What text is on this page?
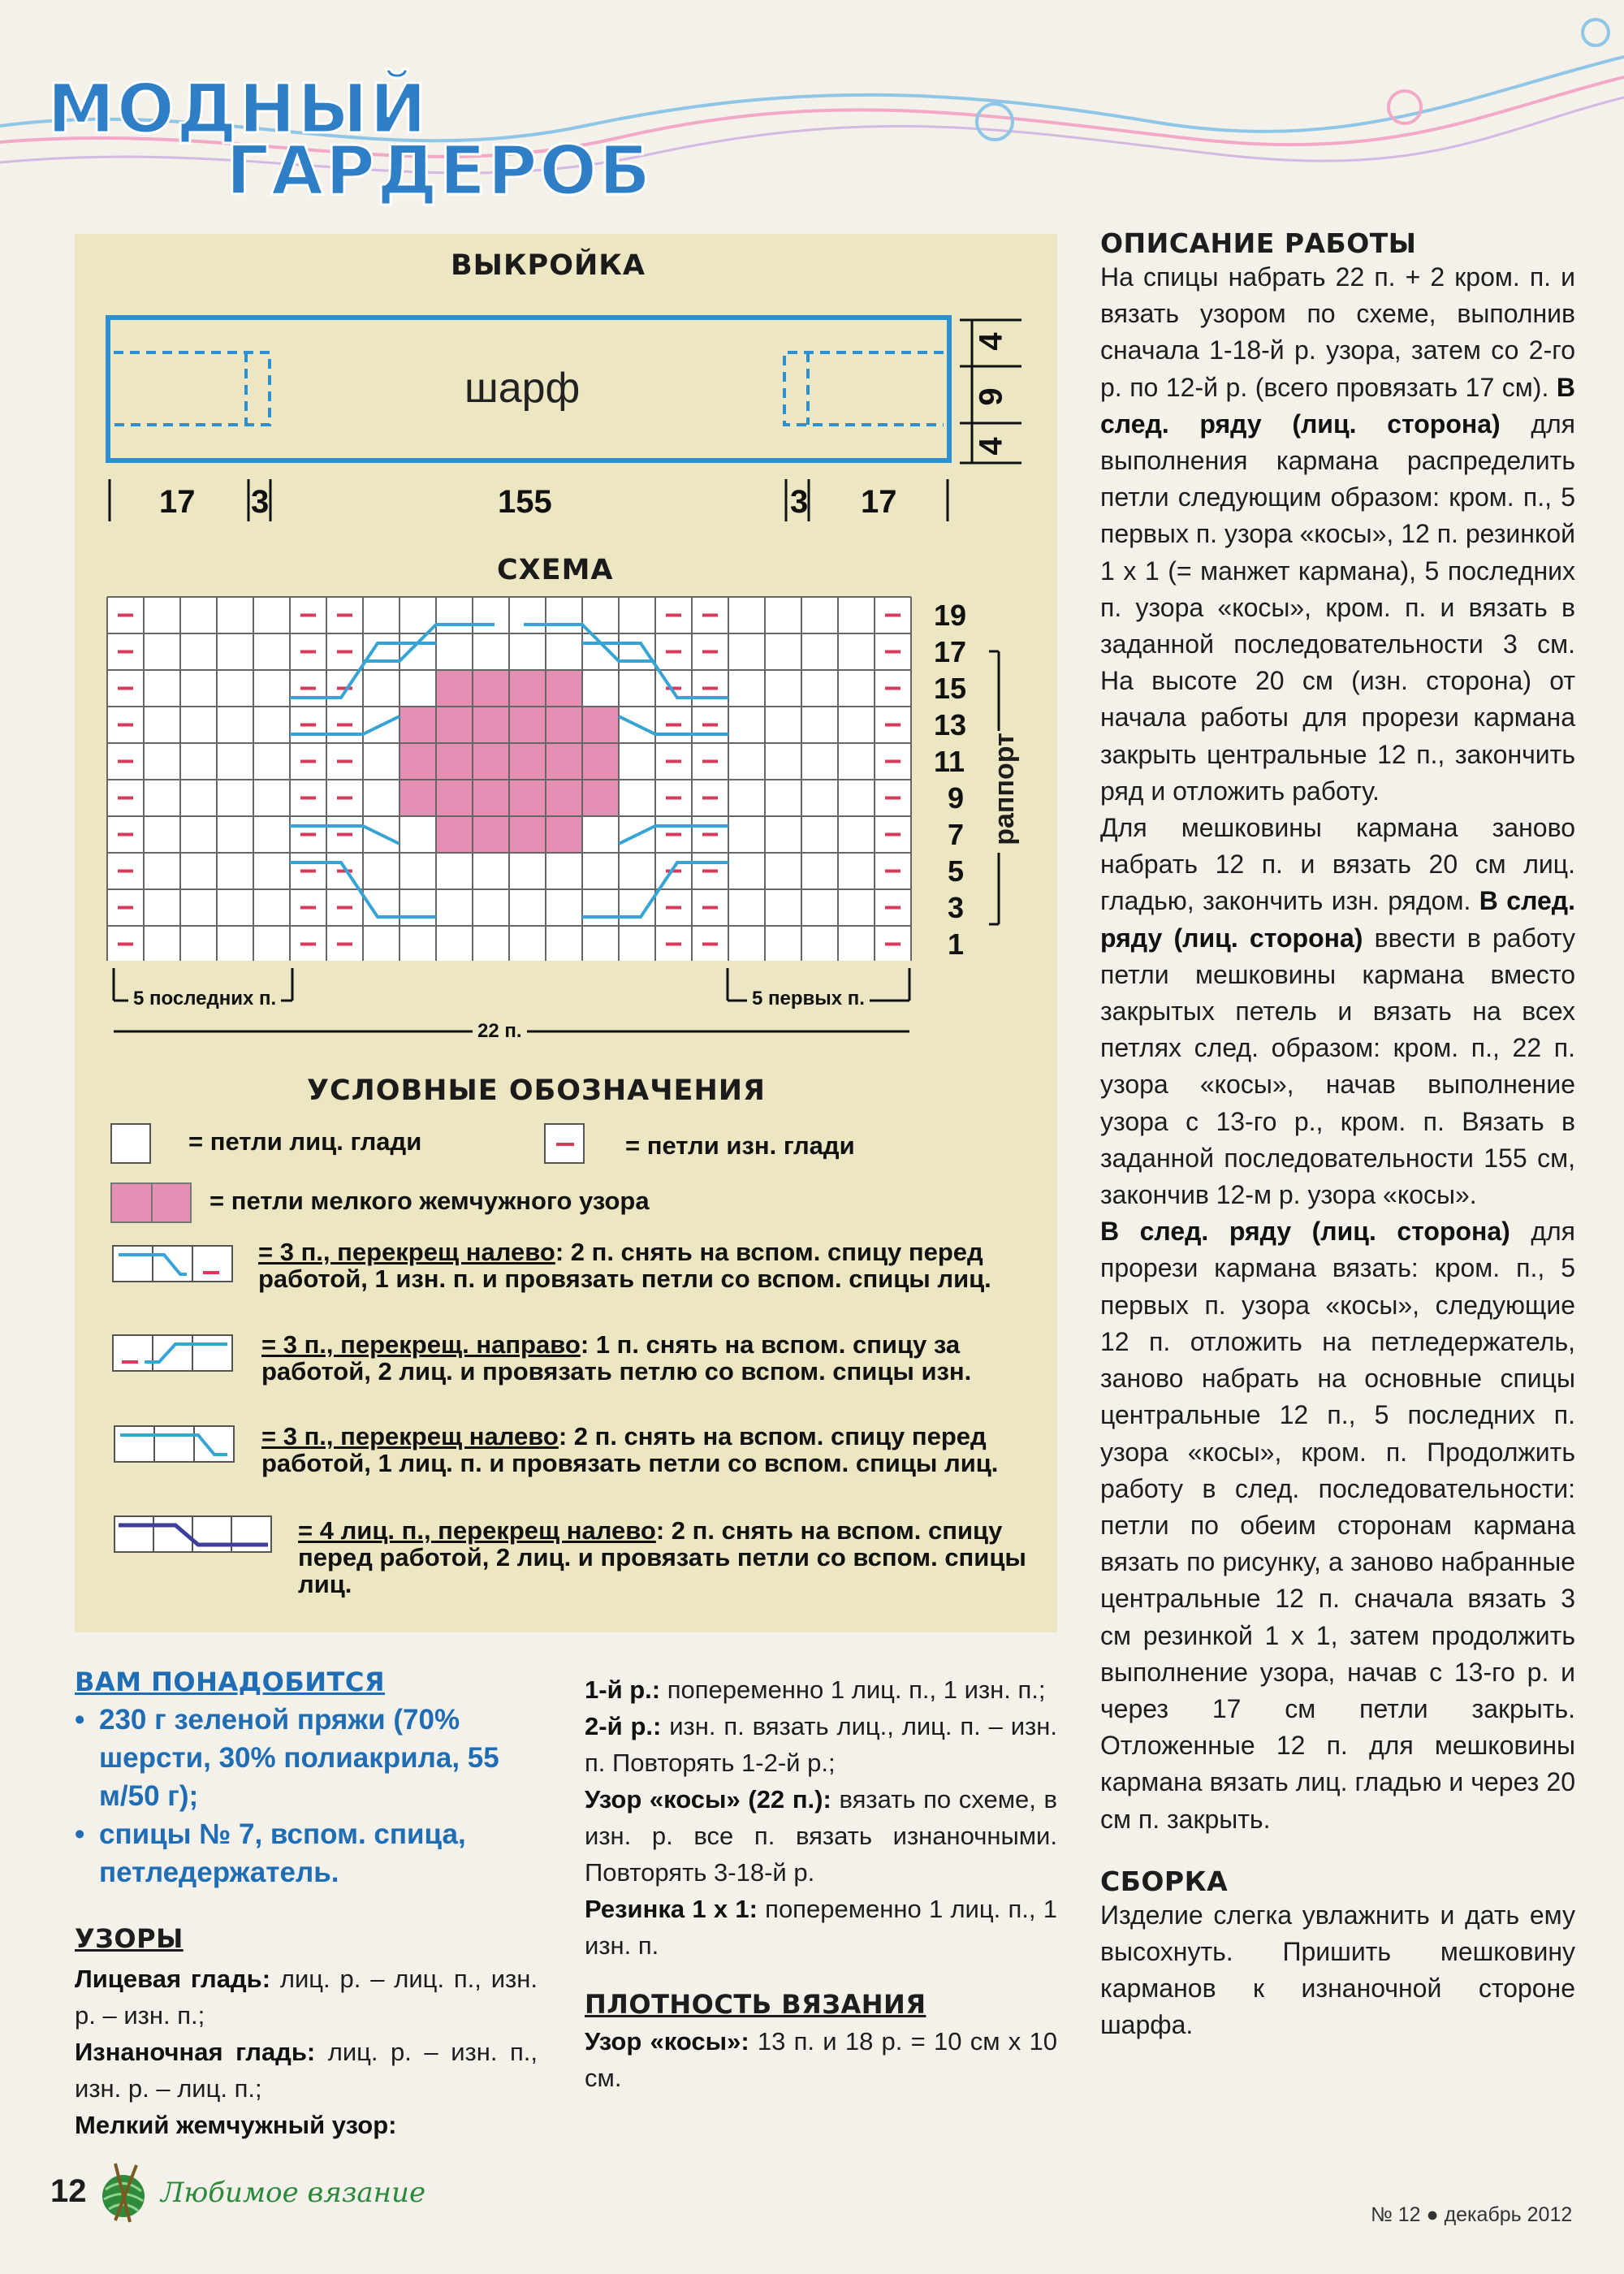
МОДНЫЙ
ГАРДЕРОБ
ВЫКРОЙКА
шарф
17 3	155	3 17
4
9
4
СХЕМА
19
17
15
13
11
9
7
5
3
1
раппорт
5 последних п.	5 первых п.
22 п.
УСЛОВНЫЕ ОБОЗНАЧЕНИЯ
= петли лиц. глади	= петли изн. глади
= петли мелкого жемчужного узора
= 3 п., перекрещ налево: 2 п. снять на вспом. спицу перед работой, 1 изн. п. и провязать петли со вспом. спицы лиц.
= 3 п., перекрещ. направо: 1 п. снять на вспом. спицу за работой, 2 лиц. и провязать петлю со вспом. спицы изн.
= 3 п., перекрещ налево: 2 п. снять на вспом. спицу перед работой, 1 лиц. п. и провязать петли со вспом. спицы лиц.
= 4 лиц. п., перекрещ налево: 2 п. снять на вспом. спицу перед работой, 2 лиц. и провязать петли со вспом. спицы лиц.
ВАМ ПОНАДОБИТСЯ
• 230 г зеленой пряжи (70% шерсти, 30% полиакрила, 55 м/50 г);
• спицы № 7, вспом. спица, петледержатель.
УЗОРЫ

Лицевая гладь: лиц. р. – лиц. п., изн. р. – изн. п.;

Изнаночная гладь: лиц. р. – изн. п., изн. р. – лиц. п.;

Мелкий жемчужный узор:

1-й р.: попеременно 1 лиц. п., 1 изн. п.;

2-й р.: изн. п. вязать лиц., лиц. п. – изн. п. Повторять 1-2-й р.;

Узор «косы» (22 п.): вязать по схеме, в изн. р. все п. вязать изнаночными. Повторять 3-18-й р.

Резинка 1 х 1: попеременно 1 лиц. п., 1 изн. п.

ПЛОТНОСТЬ ВЯЗАНИЯ

Узор «косы»: 13 п. и 18 р. = 10 см х 10 см.

ОПИСАНИЕ РАБОТЫ

На спицы набрать 22 п. + 2 кром. п. и вязать узором по схеме, выполнив сначала 1-18-й р. узора, затем со 2-го р. по 12-й р. (всего провязать 17 см). В след. ряду (лиц. сторона) для выполнения кармана распределить петли следующим образом: кром. п., 5 первых п. узора «косы», 12 п. резинкой 1 х 1 (= манжет кармана), 5 последних п. узора «косы», кром. п. и вязать в заданной последовательности 3 см. На высоте 20 см (изн. сторона) от начала работы для прорези кармана закрыть центральные 12 п., закончить ряд и отложить работу.

Для мешковины кармана заново набрать 12 п. и вязать 20 см лиц. гладью, закончить изн. рядом. В след. ряду (лиц. сторона) ввести в работу петли мешковины кармана вместо закрытых петель и вязать на всех петлях след. образом: кром. п., 22 п. узора «косы», начав выполнение узора с 13-го р., кром. п. Вязать в заданной последовательности 155 см, закончив 12-м р. узора «косы».

В след. ряду (лиц. сторона) для прорези кармана вязать: кром. п., 5 первых п. узора «косы», следующие 12 п. отложить на петледержатель, заново набрать на основные спицы центральные 12 п., 5 последних п. узора «косы», кром. п. Продолжить работу в след. последовательности: петли по обеим сторонам кармана вязать по рисунку, а заново набранные центральные 12 п. сначала вязать 3 см резинкой 1 х 1, затем продолжить выполнение узора, начав с 13-го р. и через 17 см петли закрыть. Отложенные 12 п. для мешковины кармана вязать лиц. гладью и через 20 см п. закрыть.

СБОРКА

Изделие слегка увлажнить и дать ему высохнуть. Пришить мешковину карманов к изнаночной стороне шарфа.

12	Любимое вязание
№ 12 ● декабрь 2012
